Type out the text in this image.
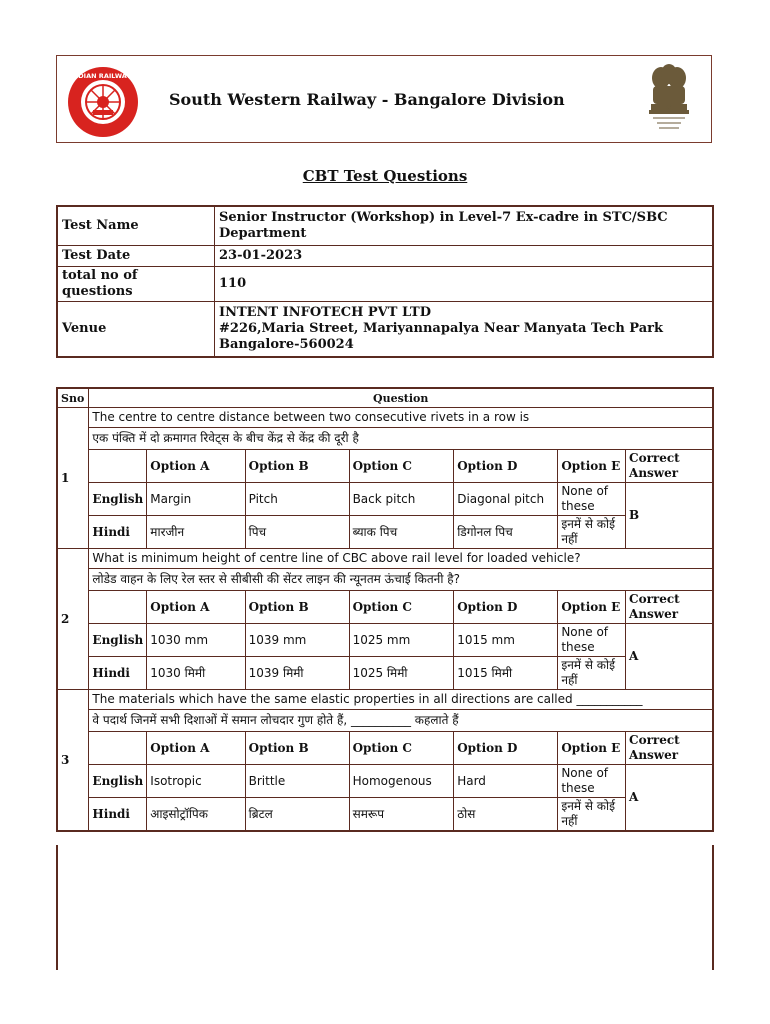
INDIAN RAILWAYS
South Western Railway - Bangalore Division
CBT Test Questions
Test Name	Senior Instructor (Workshop) in Level-7 Ex-cadre in STC/SBC Department
Test Date	23-01-2023
total no of questions	110
Venue	INTENT INFOTECH PVT LTD
#226,Maria Street, Mariyannapalya Near Manyata Tech Park
Bangalore-560024
Sno	Question						
1	The centre to centre distance between two consecutive rivets in a row is						
	एक पंक्ति में दो क्रमागत रिवेट्स के बीच केंद्र से केंद्र की दूरी है						
		Option A	Option B	Option C	Option D	Option E	Correct Answer
	English	Margin	Pitch	Back pitch	Diagonal pitch	None of these	B
	Hindi	मारजीन	पिच	ब्याक पिच	डिगोनल पिच	इनमें से कोई नहीं	
2	What is minimum height of centre line of CBC above rail level for loaded vehicle?						
	लोडेड वाहन के लिए रेल स्तर से सीबीसी की सेंटर लाइन की न्यूनतम ऊंचाई कितनी है?						
		Option A	Option B	Option C	Option D	Option E	Correct Answer
	English	1030 mm	1039 mm	1025 mm	1015 mm	None of these	A
	Hindi	1030 मिमी	1039 मिमी	1025 मिमी	1015 मिमी	इनमें से कोई नहीं	
3	The materials which have the same elastic properties in all directions are called ___________						
	वे पदार्थ जिनमें सभी दिशाओं में समान लोचदार गुण होते हैं, __________ कहलाते हैं						
		Option A	Option B	Option C	Option D	Option E	Correct Answer
	English	Isotropic	Brittle	Homogenous	Hard	None of these	A
	Hindi	आइसोट्रॉपिक	ब्रिटल	समरूप	ठोस	इनमें से कोई नहीं	
